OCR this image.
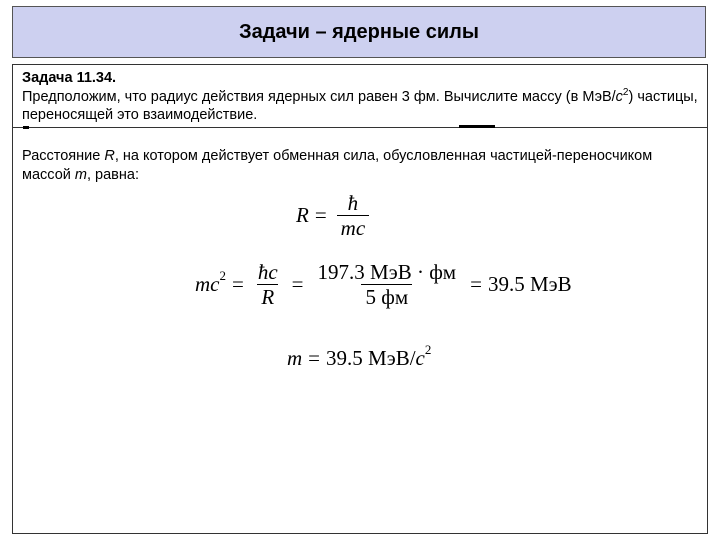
Задачи – ядерные силы
Задача 11.34.
Предположим, что радиус действия ядерных сил равен 3 фм. Вычислите массу (в МэВ/$c^2$) частицы, переносящей это взаимодействие.
Расстояние R, на котором действует обменная сила, обусловленная частицей-переносчиком массой m, равна:
$R = \frac{ħ}{mc}$
mc $2 = \frac{ħc}{R} = \frac{\text{197.3 МэВ · фм}}{5 фм} = 39.5$ МэВ
m = 39.5 МэВ/ c 2
